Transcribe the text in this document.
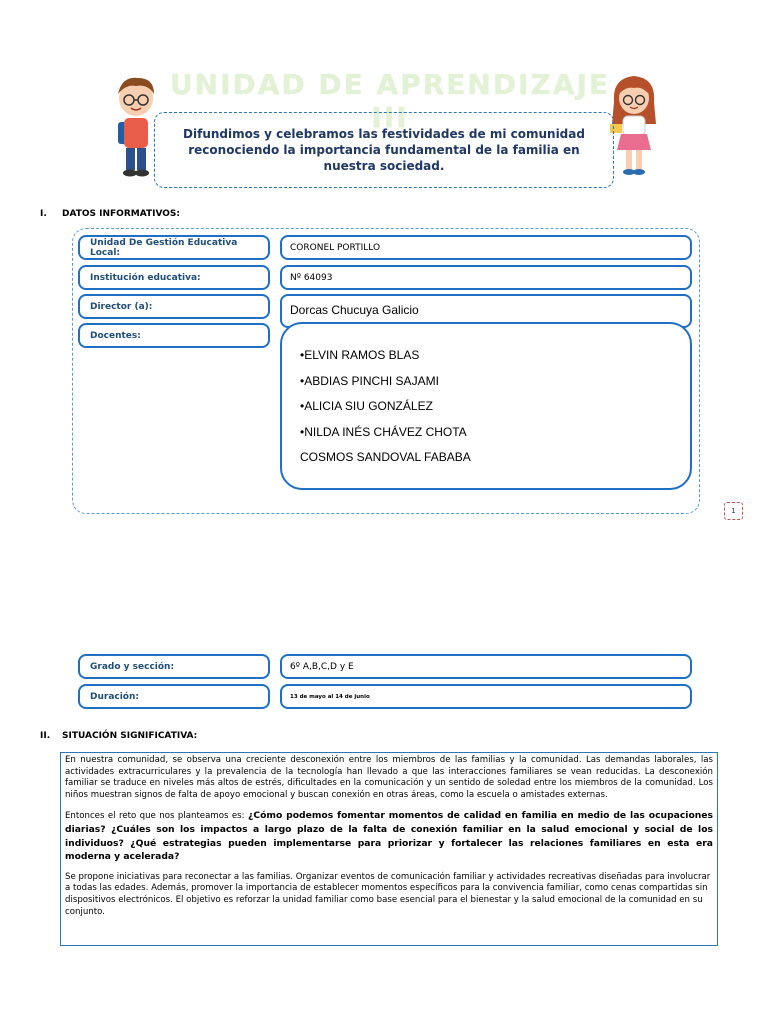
UNIDAD DE APRENDIZAJE III
Difundimos y celebramos las festividades de mi comunidad reconociendo la importancia fundamental de la familia en nuestra sociedad.
I. DATOS INFORMATIVOS:
Unidad De Gestión Educativa Local:	CORONEL PORTILLO
Institución educativa:	Nº 64093
Director (a):	Dorcas Chucuya Galicio
Docentes:
•ELVIN RAMOS BLAS
•ABDIAS PINCHI SAJAMI
•ALICIA SIU GONZÁLEZ
•NILDA INÉS CHÁVEZ CHOTA
COSMOS SANDOVAL FABABA
1
Grado y sección:	6º A,B,C,D y E
Duración:	13 de mayo al 14 de junio
II. SITUACIÓN SIGNIFICATIVA:

En nuestra comunidad, se observa una creciente desconexión entre los miembros de las familias y la comunidad. Las demandas laborales, las actividades extracurriculares y la prevalencia de la tecnología han llevado a que las interacciones familiares se vean reducidas. La desconexión familiar se traduce en niveles más altos de estrés, dificultades en la comunicación y un sentido de soledad entre los miembros de la comunidad. Los niños muestran signos de falta de apoyo emocional y buscan conexión en otras áreas, como la escuela o amistades externas.

Entonces el reto que nos planteamos es: ¿Cómo podemos fomentar momentos de calidad en familia en medio de las ocupaciones diarias? ¿Cuáles son los impactos a largo plazo de la falta de conexión familiar en la salud emocional y social de los individuos? ¿Qué estrategias pueden implementarse para priorizar y fortalecer las relaciones familiares en esta era moderna y acelerada?

Se propone iniciativas para reconectar a las familias. Organizar eventos de comunicación familiar y actividades recreativas diseñadas para involucrar a todas las edades. Además, promover la importancia de establecer momentos específicos para la convivencia familiar, como cenas compartidas sin dispositivos electrónicos. El objetivo es reforzar la unidad familiar como base esencial para el bienestar y la salud emocional de la comunidad en su conjunto.
